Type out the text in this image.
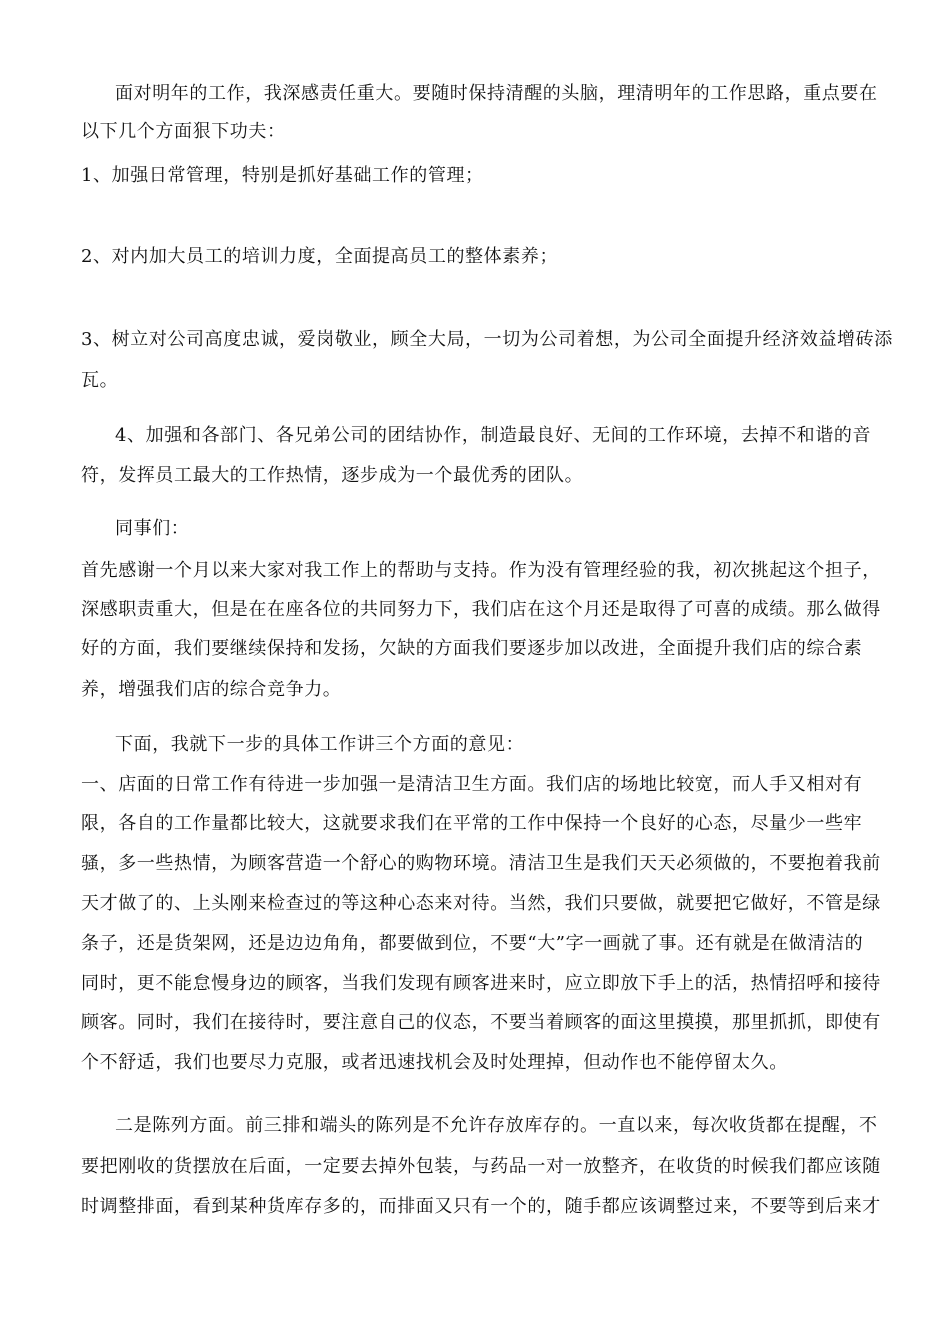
面对明年的工作，我深感责任重大。要随时保持清醒的头脑，理清明年的工作思路，重点要在

以下几个方面狠下功夫：

1、加强日常管理，特别是抓好基础工作的管理；

2、对内加大员工的培训力度，全面提高员工的整体素养；

3、树立对公司高度忠诚，爱岗敬业，顾全大局，一切为公司着想，为公司全面提升经济效益增砖添

瓦。

4、加强和各部门、各兄弟公司的团结协作，制造最良好、无间的工作环境，去掉不和谐的音

符，发挥员工最大的工作热情，逐步成为一个最优秀的团队。

同事们：

首先感谢一个月以来大家对我工作上的帮助与支持。作为没有管理经验的我，初次挑起这个担子，

深感职责重大，但是在在座各位的共同努力下，我们店在这个月还是取得了可喜的成绩。那么做得

好的方面，我们要继续保持和发扬，欠缺的方面我们要逐步加以改进，全面提升我们店的综合素

养，增强我们店的综合竞争力。

下面，我就下一步的具体工作讲三个方面的意见：

一、店面的日常工作有待进一步加强一是清洁卫生方面。我们店的场地比较宽，而人手又相对有

限，各自的工作量都比较大，这就要求我们在平常的工作中保持一个良好的心态，尽量少一些牢

骚，多一些热情，为顾客营造一个舒心的购物环境。清洁卫生是我们天天必须做的，不要抱着我前

天才做了的、上头刚来检查过的等这种心态来对待。当然，我们只要做，就要把它做好，不管是绿

条子，还是货架网，还是边边角角，都要做到位，不要“大”字一画就了事。还有就是在做清洁的

同时，更不能怠慢身边的顾客，当我们发现有顾客进来时，应立即放下手上的活，热情招呼和接待

顾客。同时，我们在接待时，要注意自己的仪态，不要当着顾客的面这里摸摸，那里抓抓，即使有

个不舒适，我们也要尽力克服，或者迅速找机会及时处理掉，但动作也不能停留太久。

二是陈列方面。前三排和端头的陈列是不允许存放库存的。一直以来，每次收货都在提醒，不

要把刚收的货摆放在后面，一定要去掉外包装，与药品一对一放整齐，在收货的时候我们都应该随

时调整排面，看到某种货库存多的，而排面又只有一个的，随手都应该调整过来，不要等到后来才
